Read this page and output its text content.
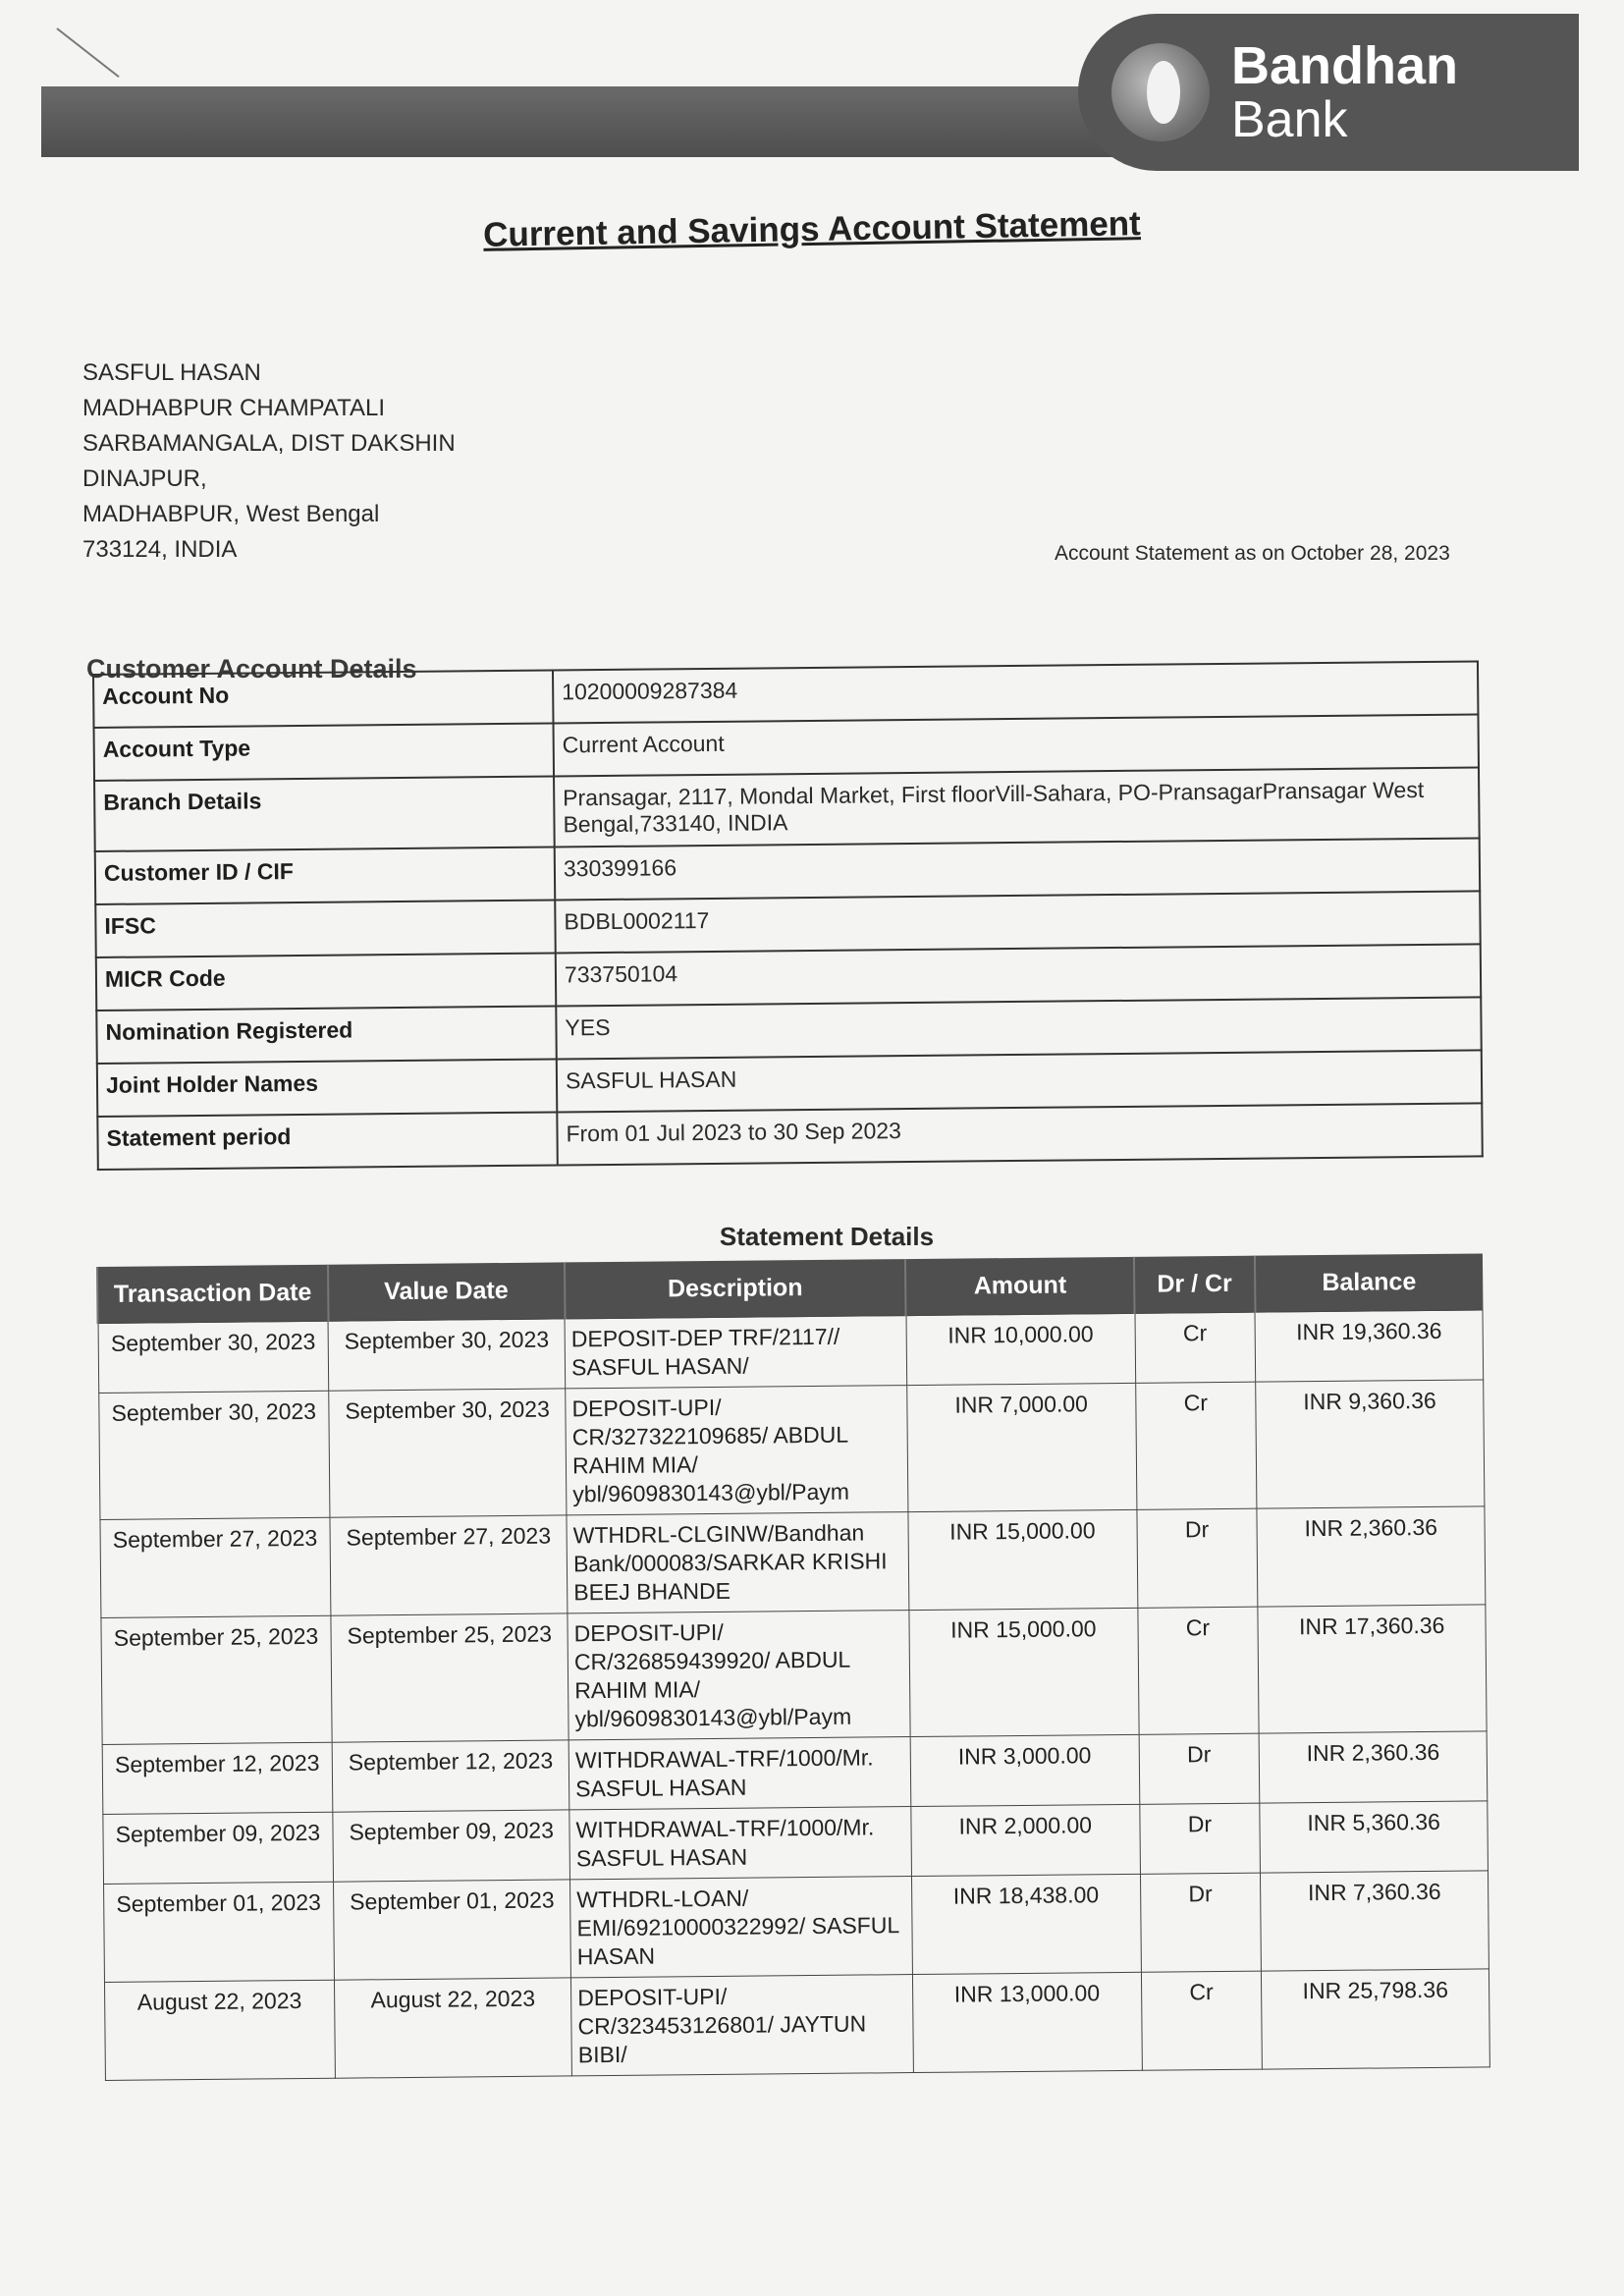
Bandhan
Bank
Current and Savings Account Statement
SASFUL HASAN
MADHABPUR CHAMPATALI
SARBAMANGALA, DIST DAKSHIN
DINAJPUR,
MADHABPUR, West Bengal
733124, INDIA	Account Statement as on October 28, 2023
Customer Account Details
Account No	10200009287384
Account Type	Current Account
Branch Details	Pransagar, 2117, Mondal Market, First floorVill-Sahara, PO-PransagarPransagar West Bengal,733140, INDIA
Customer ID / CIF	330399166
IFSC	BDBL0002117
MICR Code	733750104
Nomination Registered	YES
Joint Holder Names	SASFUL HASAN
Statement period	From 01 Jul 2023 to 30 Sep 2023
Statement Details
Transaction Date	Value Date	Description	Amount	Dr / Cr	Balance
September 30, 2023	September 30, 2023	DEPOSIT-DEP TRF/2117// SASFUL HASAN/	INR 10,000.00	Cr	INR 19,360.36
September 30, 2023	September 30, 2023	DEPOSIT-UPI/ CR/327322109685/ ABDUL RAHIM MIA/ ybl/9609830143@ybl/Paym	INR 7,000.00	Cr	INR 9,360.36
September 27, 2023	September 27, 2023	WTHDRL-CLGINW/Bandhan Bank/000083/SARKAR KRISHI BEEJ BHANDE	INR 15,000.00	Dr	INR 2,360.36
September 25, 2023	September 25, 2023	DEPOSIT-UPI/ CR/326859439920/ ABDUL RAHIM MIA/ ybl/9609830143@ybl/Paym	INR 15,000.00	Cr	INR 17,360.36
September 12, 2023	September 12, 2023	WITHDRAWAL-TRF/1000/Mr. SASFUL HASAN	INR 3,000.00	Dr	INR 2,360.36
September 09, 2023	September 09, 2023	WITHDRAWAL-TRF/1000/Mr. SASFUL HASAN	INR 2,000.00	Dr	INR 5,360.36
September 01, 2023	September 01, 2023	WTHDRL-LOAN/ EMI/69210000322992/ SASFUL HASAN	INR 18,438.00	Dr	INR 7,360.36
August 22, 2023	August 22, 2023	DEPOSIT-UPI/ CR/323453126801/ JAYTUN BIBI/	INR 13,000.00	Cr	INR 25,798.36
